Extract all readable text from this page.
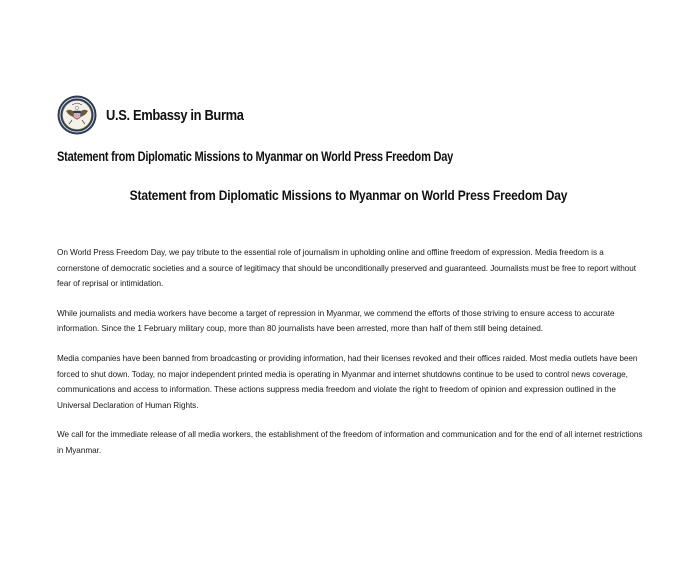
U.S. Embassy in Burma
Statement from Diplomatic Missions to Myanmar on World Press Freedom Day
Statement from Diplomatic Missions to Myanmar on World Press Freedom Day

On World Press Freedom Day, we pay tribute to the essential role of journalism in upholding online and offline freedom of expression. Media freedom is a cornerstone of democratic societies and a source of legitimacy that should be unconditionally preserved and guaranteed. Journalists must be free to report without fear of reprisal or intimidation.

While journalists and media workers have become a target of repression in Myanmar, we commend the efforts of those striving to ensure access to accurate information. Since the 1 February military coup, more than 80 journalists have been arrested, more than half of them still being detained.

Media companies have been banned from broadcasting or providing information, had their licenses revoked and their offices raided. Most media outlets have been forced to shut down. Today, no major independent printed media is operating in Myanmar and internet shutdowns continue to be used to control news coverage, communications and access to information. These actions suppress media freedom and violate the right to freedom of opinion and expression outlined in the Universal Declaration of Human Rights.

We call for the immediate release of all media workers, the establishment of the freedom of information and communication and for the end of all internet restrictions in Myanmar.
